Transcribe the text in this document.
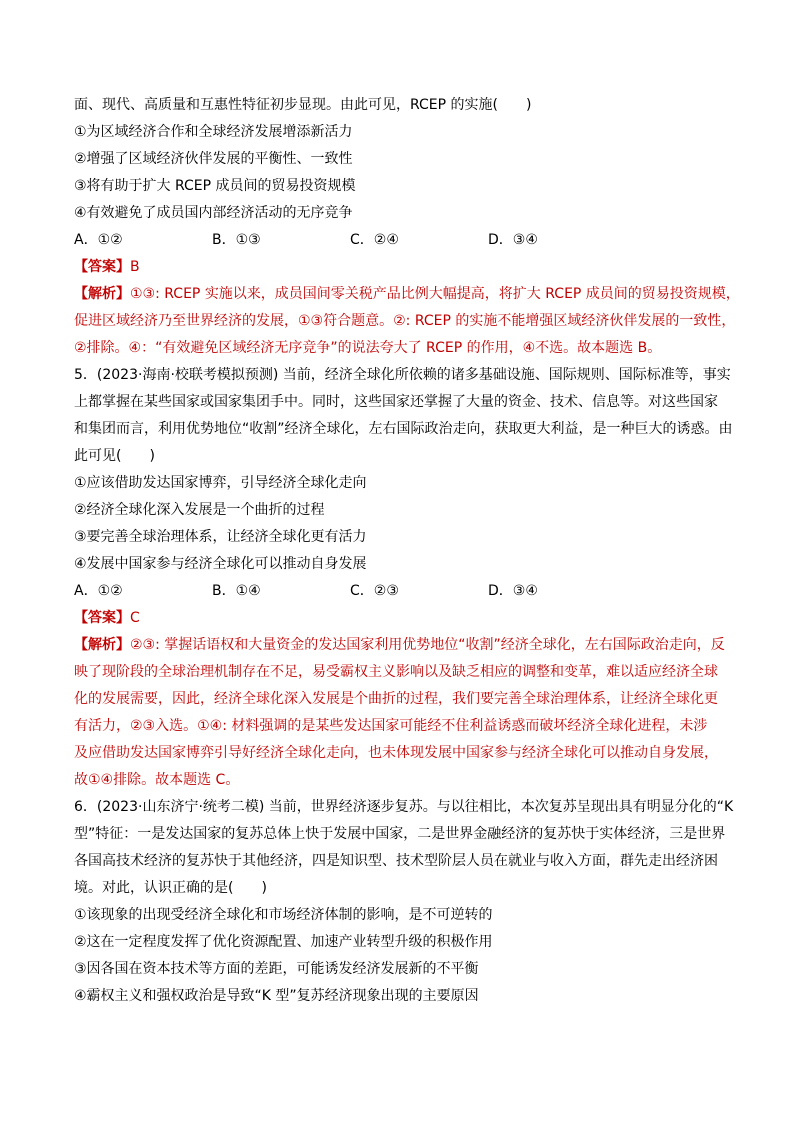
面、现代、高质量和互惠性特征初步显现。由此可见，RCEP 的实施(　　)
①为区域经济合作和全球经济发展增添新活力
②增强了区域经济伙伴发展的平衡性、一致性
③将有助于扩大 RCEP 成员间的贸易投资规模
④有效避免了成员国内部经济活动的无序竞争
A．①②	B．①③	C．②④	D．③④
【答案】B
【解析】①③: RCEP 实施以来，成员国间零关税产品比例大幅提高，将扩大 RCEP 成员间的贸易投资规模，
促进区域经济乃至世界经济的发展，①③符合题意。②: RCEP 的实施不能增强区域经济伙伴发展的一致性，
②排除。④：“有效避免区域经济无序竞争”的说法夸大了 RCEP 的作用，④不选。故本题选 B。
5．(2023·海南·校联考模拟预测) 当前，经济全球化所依赖的诸多基础设施、国际规则、国际标准等，事实
上都掌握在某些国家或国家集团手中。同时，这些国家还掌握了大量的资金、技术、信息等。对这些国家
和集团而言，利用优势地位“收割”经济全球化，左右国际政治走向，获取更大利益，是一种巨大的诱惑。由
此可见(　　)
①应该借助发达国家博弈，引导经济全球化走向
②经济全球化深入发展是一个曲折的过程
③要完善全球治理体系，让经济全球化更有活力
④发展中国家参与经济全球化可以推动自身发展
A．①②	B．①④	C．②③	D．③④
【答案】C
【解析】②③: 掌握话语权和大量资金的发达国家利用优势地位“收割”经济全球化，左右国际政治走向，反
映了现阶段的全球治理机制存在不足，易受霸权主义影响以及缺乏相应的调整和变革，难以适应经济全球
化的发展需要，因此，经济全球化深入发展是个曲折的过程，我们要完善全球治理体系，让经济全球化更
有活力，②③入选。①④: 材料强调的是某些发达国家可能经不住利益诱惑而破坏经济全球化进程，未涉
及应借助发达国家博弈引导好经济全球化走向，也未体现发展中国家参与经济全球化可以推动自身发展，
故①④排除。故本题选 C。
6．(2023·山东济宁·统考二模) 当前，世界经济逐步复苏。与以往相比，本次复苏呈现出具有明显分化的“K
型”特征：一是发达国家的复苏总体上快于发展中国家，二是世界金融经济的复苏快于实体经济，三是世界
各国高技术经济的复苏快于其他经济，四是知识型、技术型阶层人员在就业与收入方面，群先走出经济困
境。对此，认识正确的是(　　)
①该现象的出现受经济全球化和市场经济体制的影响，是不可逆转的
②这在一定程度发挥了优化资源配置、加速产业转型升级的积极作用
③因各国在资本技术等方面的差距，可能诱发经济发展新的不平衡
④霸权主义和强权政治是导致“K 型”复苏经济现象出现的主要原因
